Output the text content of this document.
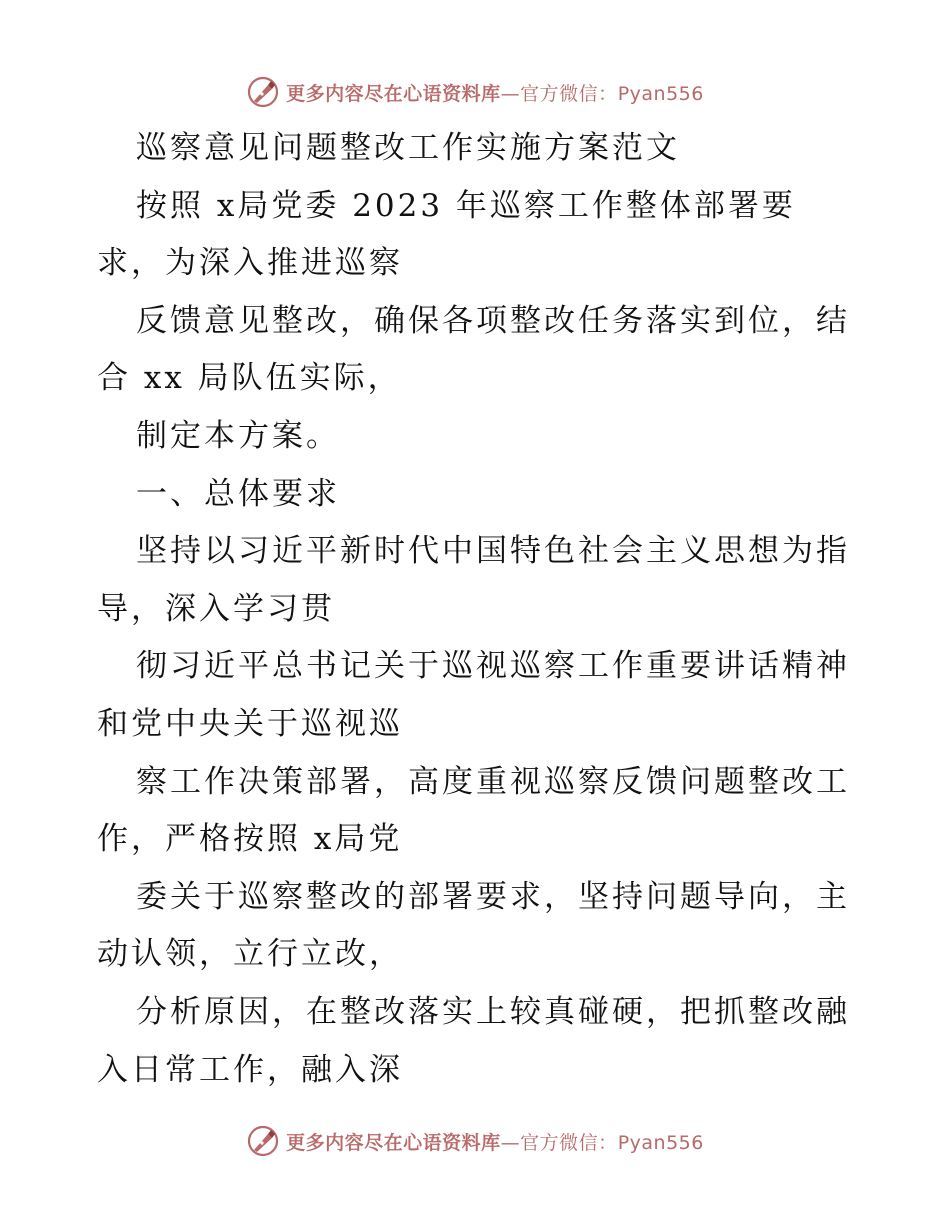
更多内容尽在心语资料库—官方微信：Pyan556
巡察意见问题整改工作实施方案范文
按照 x局党委 2023 年巡察工作整体部署要
求，为深入推进巡察
反馈意见整改，确保各项整改任务落实到位，结
合 xx 局队伍实际，
制定本方案。
一、总体要求
坚持以习近平新时代中国特色社会主义思想为指
导，深入学习贯
彻习近平总书记关于巡视巡察工作重要讲话精神
和党中央关于巡视巡
察工作决策部署，高度重视巡察反馈问题整改工
作，严格按照 x局党
委关于巡察整改的部署要求，坚持问题导向，主
动认领，立行立改，
分析原因，在整改落实上较真碰硬，把抓整改融
入日常工作，融入深
更多内容尽在心语资料库—官方微信：Pyan556
